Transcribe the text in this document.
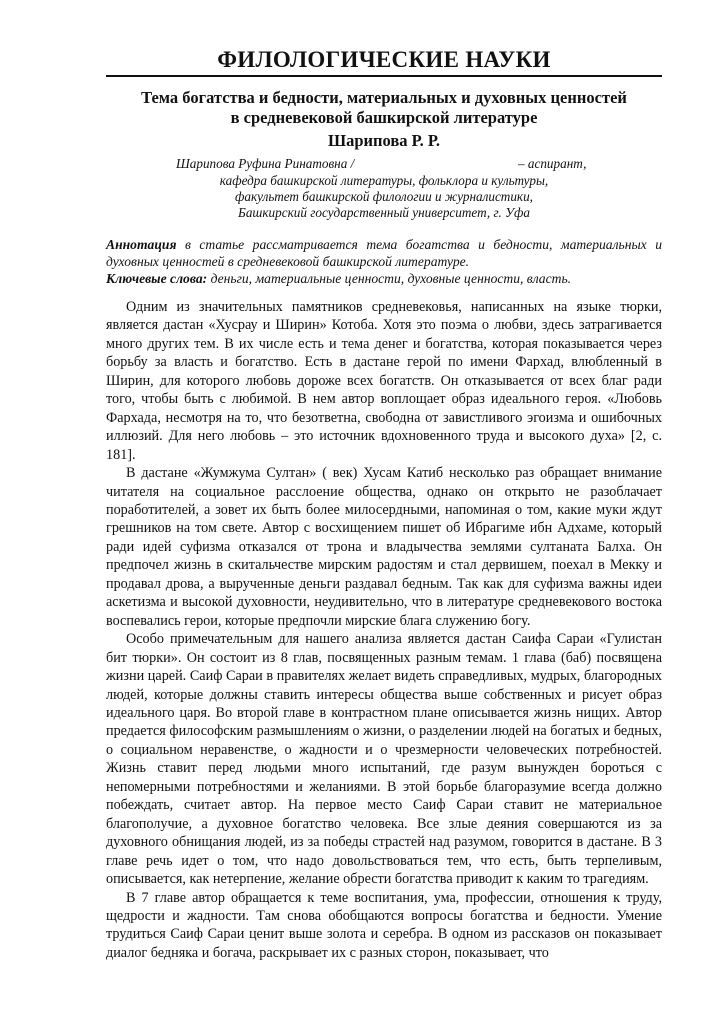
ФИЛОЛОГИЧЕСКИЕ НАУКИ
Тема богатства и бедности, материальных и духовных ценностей
в средневековой башкирской литературе
Шарипова Р. Р.
Шарипова Руфина Ринатовна /	– аспирант,
кафедра башкирской литературы, фольклора и культуры,
факультет башкирской филологии и журналистики,
Башкирский государственный университет, г. Уфа
Аннотация в статье рассматривается тема богатства и бедности, материальных и духовных ценностей в средневековой башкирской литературе.
Ключевые слова: деньги, материальные ценности, духовные ценности, власть.

Одним из значительных памятников средневековья, написанных на языке тюрки, является дастан «Хусрау и Ширин» Котоба. Хотя это поэма о любви, здесь затрагивается много других тем. В их числе есть и тема денег и богатства, которая показывается через борьбу за власть и богатство. Есть в дастане герой по имени Фархад, влюбленный в Ширин, для которого любовь дороже всех богатств. Он отказывается от всех благ ради того, чтобы быть с любимой. В нем автор воплощает образ идеального героя. «Любовь Фархада, несмотря на то, что безответна, свободна от завистливого эгоизма и ошибочных иллюзий. Для него любовь – это источник вдохновенного труда и высокого духа» [2, с. 181].

В дастане «Жумжума Султан» ( век) Хусам Катиб несколько раз обращает внимание читателя на социальное расслоение общества, однако он открыто не разоблачает поработителей, а зовет их быть более милосердными, напоминая о том, какие муки ждут грешников на том свете. Автор с восхищением пишет об Ибрагиме ибн Адхаме, который ради идей суфизма отказался от трона и владычества землями султаната Балха. Он предпочел жизнь в скитальчестве мирским радостям и стал дервишем, поехал в Мекку и продавал дрова, а вырученные деньги раздавал бедным. Так как для суфизма важны идеи аскетизма и высокой духовности, неудивительно, что в литературе средневекового востока воспевались герои, которые предпочли мирские блага служению богу.

Особо примечательным для нашего анализа является дастан Саифа Сараи «Гулистан бит тюрки». Он состоит из 8 глав, посвященных разным темам. 1 глава (баб) посвящена жизни царей. Саиф Сараи в правителях желает видеть справедливых, мудрых, благородных людей, которые должны ставить интересы общества выше собственных и рисует образ идеального царя. Во второй главе в контрастном плане описывается жизнь нищих. Автор предается философским размышлениям о жизни, о разделении людей на богатых и бедных, о социальном неравенстве, о жадности и о чрезмерности человеческих потребностей. Жизнь ставит перед людьми много испытаний, где разум вынужден бороться с непомерными потребностями и желаниями. В этой борьбе благоразумие всегда должно побеждать, считает автор. На первое место Саиф Сараи ставит не материальное благополучие, а духовное богатство человека. Все злые деяния совершаются из за духовного обнищания людей, из за победы страстей над разумом, говорится в дастане. В 3 главе речь идет о том, что надо довольствоваться тем, что есть, быть терпеливым, описывается, как нетерпение, желание обрести богатства приводит к каким то трагедиям.

В 7 главе автор обращается к теме воспитания, ума, профессии, отношения к труду, щедрости и жадности. Там снова обобщаются вопросы богатства и бедности. Умение трудиться Саиф Сараи ценит выше золота и серебра. В одном из рассказов он показывает диалог бедняка и богача, раскрывает их с разных сторон, показывает, что
